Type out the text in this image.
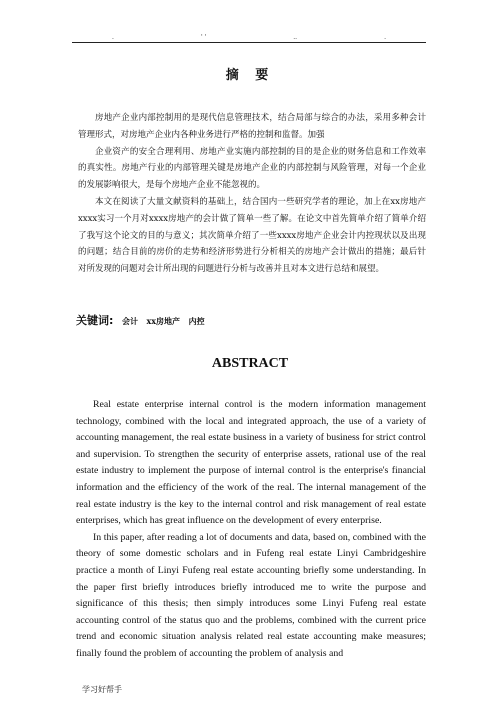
.	' '	..	.
摘 要

房地产企业内部控制用的是现代信息管理技术，结合局部与综合的办法，采用多种会计管理形式，对房地产企业内各种业务进行严格的控制和监督。加强

企业资产的安全合理利用、房地产业实施内部控制的目的是企业的财务信息和工作效率的真实性。房地产行业的内部管理关键是房地产企业的内部控制与风险管理，对每一个企业的发展影响很大，是每个房地产企业不能忽视的。

本文在阅读了大量文献资料的基础上，结合国内一些研究学者的理论，加上在xx房地产xxxx实习一个月对xxxx房地产的会计做了简单一些了解。在论文中首先简单介绍了简单介绍了我写这个论文的目的与意义；其次简单介绍了一些xxxx房地产企业会计内控现状以及出现的问题；结合目前的房价的走势和经济形势进行分析相关的房地产会计做出的措施；最后针对所发现的问题对会计所出现的问题进行分析与改善并且对本文进行总结和展望。

关键词: 会计 xx房地产 内控
ABSTRACT

Real estate enterprise internal control is the modern information management technology, combined with the local and integrated approach, the use of a variety of accounting management, the real estate business in a variety of business for strict control and supervision. To strengthen the security of enterprise assets, rational use of the real estate industry to implement the purpose of internal control is the enterprise's financial information and the efficiency of the work of the real. The internal management of the real estate industry is the key to the internal control and risk management of real estate enterprises, which has great influence on the development of every enterprise.

In this paper, after reading a lot of documents and data, based on, combined with the theory of some domestic scholars and in Fufeng real estate Linyi Cambridgeshire practice a month of Linyi Fufeng real estate accounting briefly some understanding. In the paper first briefly introduces briefly introduced me to write the purpose and significance of this thesis; then simply introduces some Linyi Fufeng real estate accounting control of the status quo and the problems, combined with the current price trend and economic situation analysis related real estate accounting make measures; finally found the problem of accounting the problem of analysis and

学习好帮手
